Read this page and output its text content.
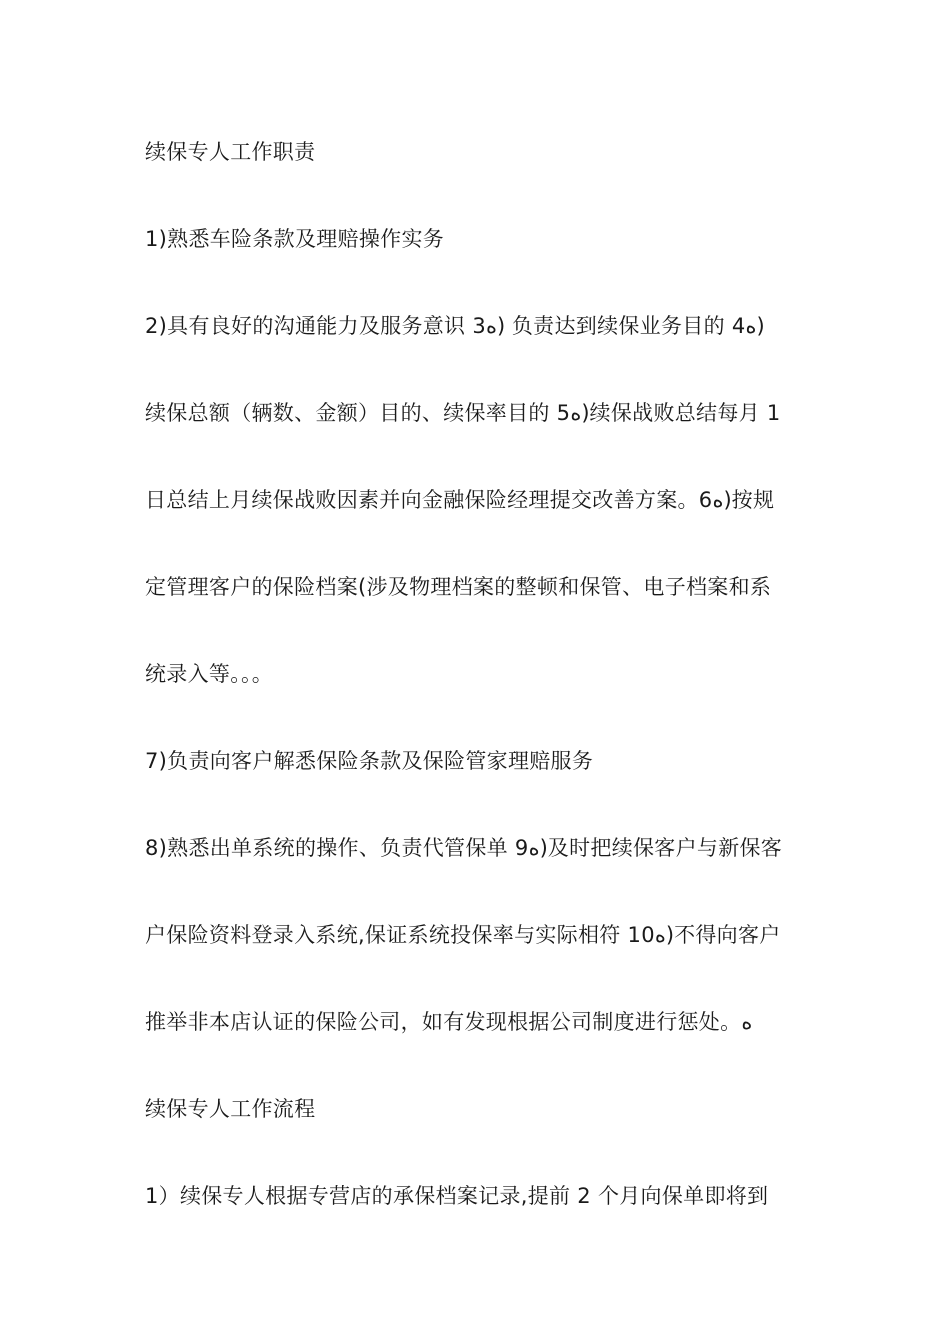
续保专人工作职责
1)熟悉车险条款及理赔操作实务
2)具有良好的沟通能力及服务意识 3ه) 负责达到续保业务目的 4ه)
续保总额（辆数、金额）目的、续保率目的 5ه)续保战败总结每月 1
日总结上月续保战败因素并向金融保险经理提交改善方案。6ه)按规
定管理客户的保险档案(涉及物理档案的整顿和保管、电子档案和系
统录入等。。。
7)负责向客户解悉保险条款及保险管家理赔服务
8)熟悉出单系统的操作、负责代管保单 9ه)及时把续保客户与新保客
户保险资料登录入系统,保证系统投保率与实际相符 10ه)不得向客户
推举非本店认证的保险公司，如有发现根据公司制度进行惩处。ه
续保专人工作流程
1）续保专人根据专营店的承保档案记录,提前 2 个月向保单即将到
